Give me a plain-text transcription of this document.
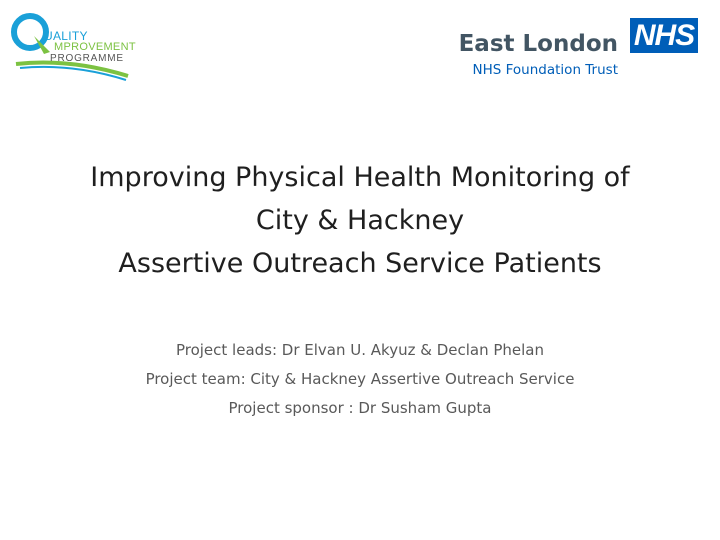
UALITY
MPROVEMENT
PROGRAMME
NHS
East London
NHS Foundation Trust
Improving Physical Health Monitoring of
City & Hackney
Assertive Outreach Service Patients
Project leads: Dr Elvan U. Akyuz & Declan Phelan
Project team: City & Hackney Assertive Outreach Service
Project sponsor : Dr Susham Gupta
